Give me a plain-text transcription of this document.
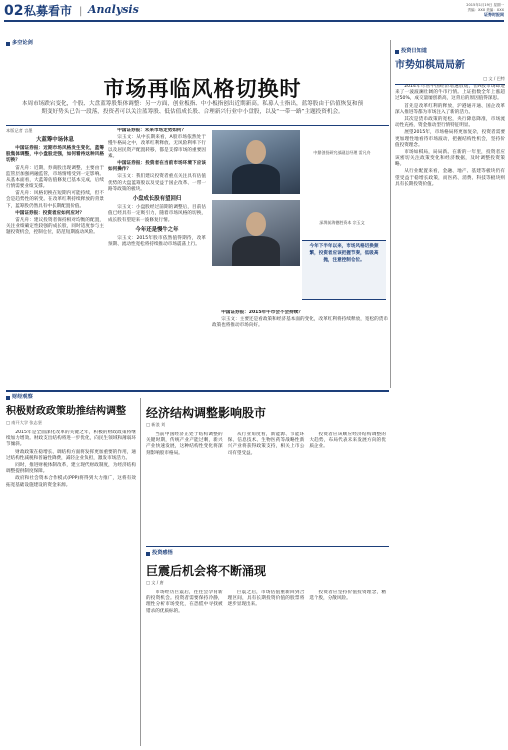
02 私募看市 | Analysis	2015年1月19日 星期一
责编：XXX 美编：XXX
证券时报网
多空论剑
市场再临风格切换时
本周市场跌宕变化，个股、大盘蓝筹股集体调整：另一方面，创业板指、中小板指创出近期新高。私募人士指出，蓝筹股由于估值恢复和预期变好势头已告一段落，投资者可以关注蓝筹股、低估值成长股、合理新兴行业中小盘股，以及“一带一路”主题投资机会。
本版记者 言墨
大蓝筹中场休息

中国证券报：近期市场风格发生变化，蓝筹股集体调整，中小盘股走强，如何看待这种风格切换？

雷凡舟：近期，券商股出现调整，主要由于监管层加强两融监管，市场情绪受到一定影响。从基本面看，大蓝筹估值修复已基本完成，后续行情需要业绩支撑。

雷凡舟：风格切换在短期内可能持续，但不会是趋势性的转变。在改革红利持续释放的背景下，蓝筹股仍然具有中长期配置价值。

中国证券报：投资者应如何应对？

雷凡舟：建议投资者保持相对均衡的配置，关注业绩确定性较强的成长股，同时适度参与主题投资机会，控制仓位，防范短期波动风险。

中国证券报：未来市场走势如何？

宗玉文：从中长期来看，A股市场依然处于慢牛格局之中，改革红利释放、无风险利率下行以及居民资产配置转移，都是支撑市场的重要因素。

中国证券报：投资者在当前市场环境下应该如何操作？

宗玉文：我们建议投资者重点关注具有估值优势的大盘蓝筹股以及受益于国企改革、一带一路等政策的板块。

小盘成长股有望回归

宗玉文：小盘股经过前期的调整后，目前估值已经具有一定吸引力，随着市场风格的切换，成长股有望迎来一波修复行情。

今年还是慢牛之年

宗玉文：2015年股市依然值得期待，改革预期、流动性宽松将持续推动市场震荡上行。

中鼎创投研究部副总经理 雷凡舟
深圳前海德胜资本 宗玉文
今年下半年以来，市场风格切换频繁，投资者应该把握节奏，低吸高抛，注意控制仓位。

中国证券报：2015年牛市会不会持续？

宗玉文：主要还是看政策和经济基本面的变化，改革红利将持续释放，宽松的货币政策也将推动市场向好。

投资日知道
市势如棋局局新
□ 文 / 巴特

2014年尽管中国经济增速放缓，但A股市场却迎来了一波波澜壮阔的牛市行情。上证指数全年上涨超过50%，成交量屡创新高，这背后的原因值得深思。

首先是改革红利的释放，沪港通开通、国企改革深入推进等都为市场注入了新的活力。

其次是货币政策的宽松，央行降息降准，市场流动性充裕，资金推动型行情特征明显。

展望2015年，市场格局将更加复杂，投资者需要更加理性地看待市场波动，把握结构性机会，坚持价值投资理念。

市场如棋局，局局新。在新的一年里，投资者应该密切关注政策变化和经济数据，及时调整投资策略。

从行业配置来看，金融、地产、基建等板块仍有望受益于稳增长政策，而医药、消费、科技等板块则具有长期投资价值。

财经观察
积极财政政策助推结构调整
□ 南开大学 张志坚

2015年是全面深化改革的关键之年，积极的财政政策将继续加力增效。财政支出结构将进一步优化，向民生领域和薄弱环节倾斜。

财政政策在稳增长、调结构方面将发挥更加重要的作用，通过结构性减税和普遍性降费，减轻企业负担，激发市场活力。

同时，推进财税体制改革，建立现代财政制度，为经济结构调整提供制度保障。

政府和社会资本合作模式(PPP)将得到大力推广，这将有效拓宽基础设施建设的资金来源。

经济结构调整影响股市
□ 新浪 刘

当前中国经济正处于结构调整的关键时期，传统产业产能过剩，新兴产业快速发展，这种结构性变化将深刻影响股市格局。

从行业角度看，新能源、节能环保、信息技术、生物医药等战略性新兴产业将获得政策支持，相关上市公司有望受益。

投资者应该顺应经济结构调整的大趋势，布局代表未来发展方向的优质企业。

投资感悟
巨震后机会将不断涌现
□ 文 / 唐

市场经历巨震后，往往会孕育新的投资机会。投资者需要保持冷静，理性分析市场变化，在恐慌中寻找被错杀的优质标的。

巨震之后，市场估值重新回到合理区间，具有长期投资价值的股票将逐步显现出来。

投资者应坚持价值投资理念，精选个股，分散风险。
